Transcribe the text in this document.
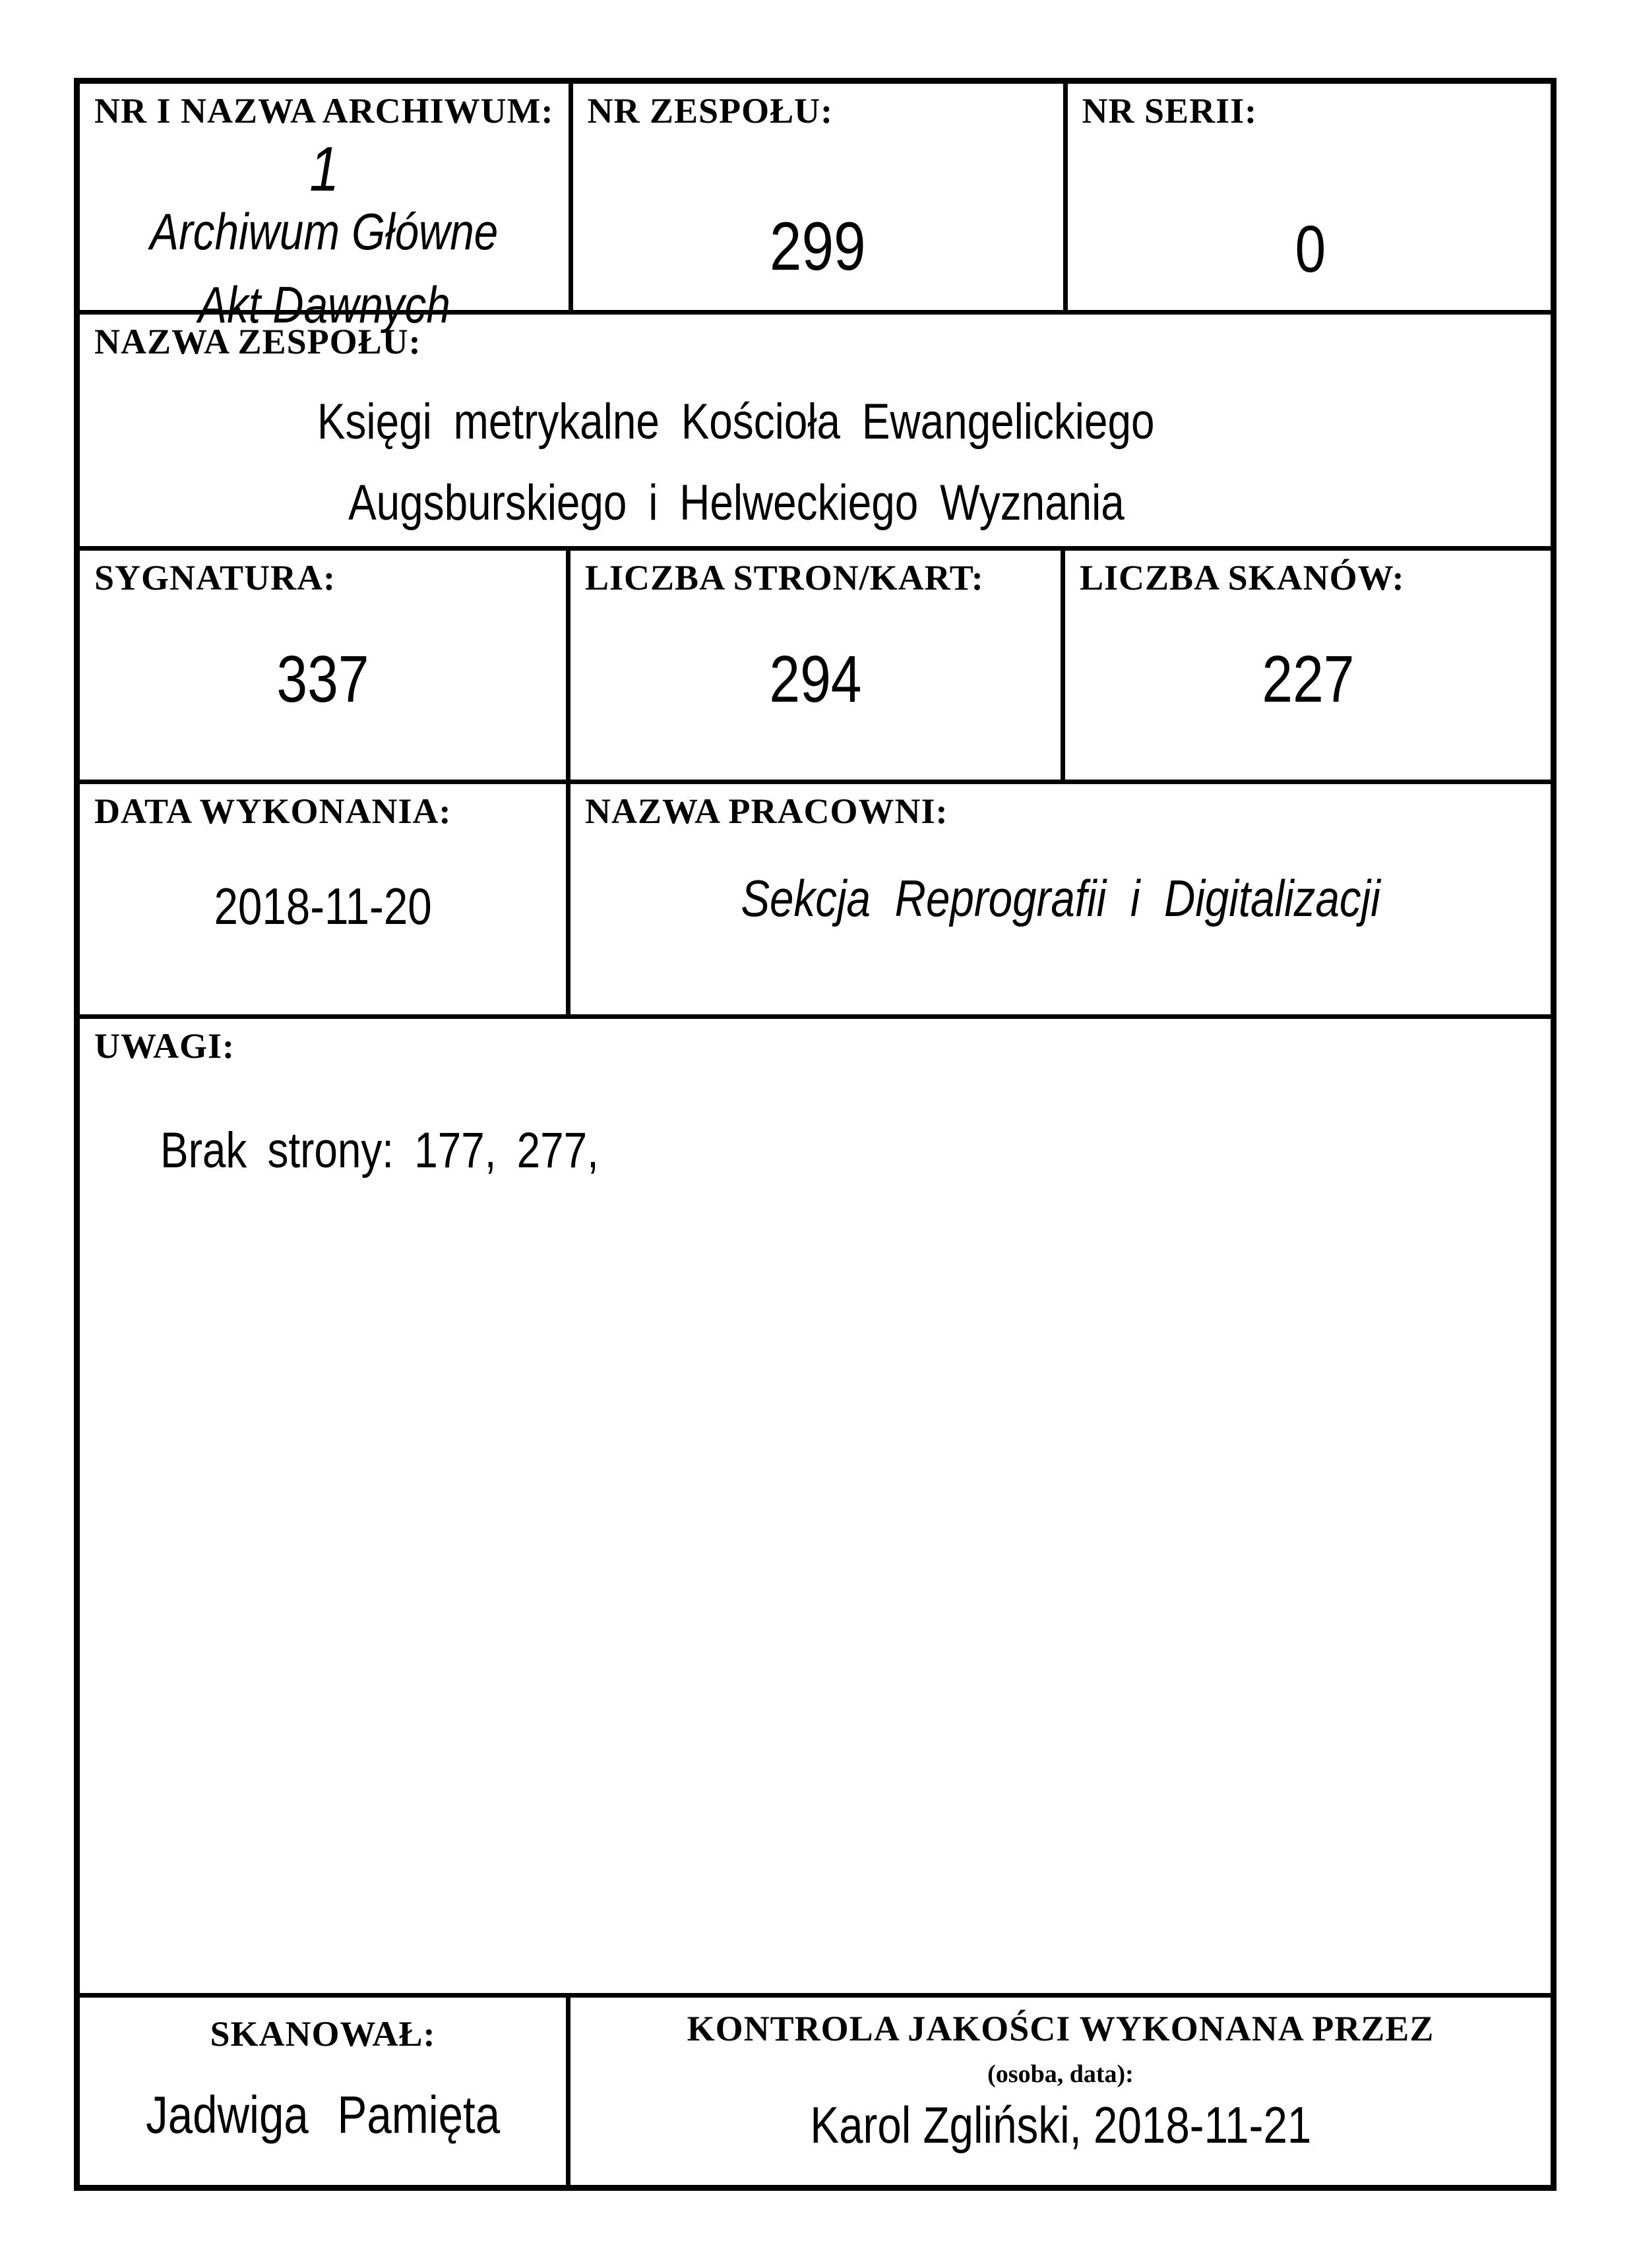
NR I NAZWA ARCHIWUM:
1
Archiwum Główne
Akt Dawnych
NR ZESPOŁU:
299
NR SERII:
0
NAZWA ZESPOŁU:
Księgi metrykalne Kościoła Ewangelickiego
Augsburskiego i Helweckiego Wyznania
SYGNATURA:
337
LICZBA STRON/KART:
294
LICZBA SKANÓW:
227
DATA WYKONANIA:
2018-11-20
NAZWA PRACOWNI:
Sekcja Reprografii i Digitalizacji
UWAGI:
Brak strony: 177, 277,
SKANOWAŁ:
Jadwiga Pamięta
KONTROLA JAKOŚCI WYKONANA PRZEZ
(osoba, data):
Karol Zgliński, 2018-11-21
